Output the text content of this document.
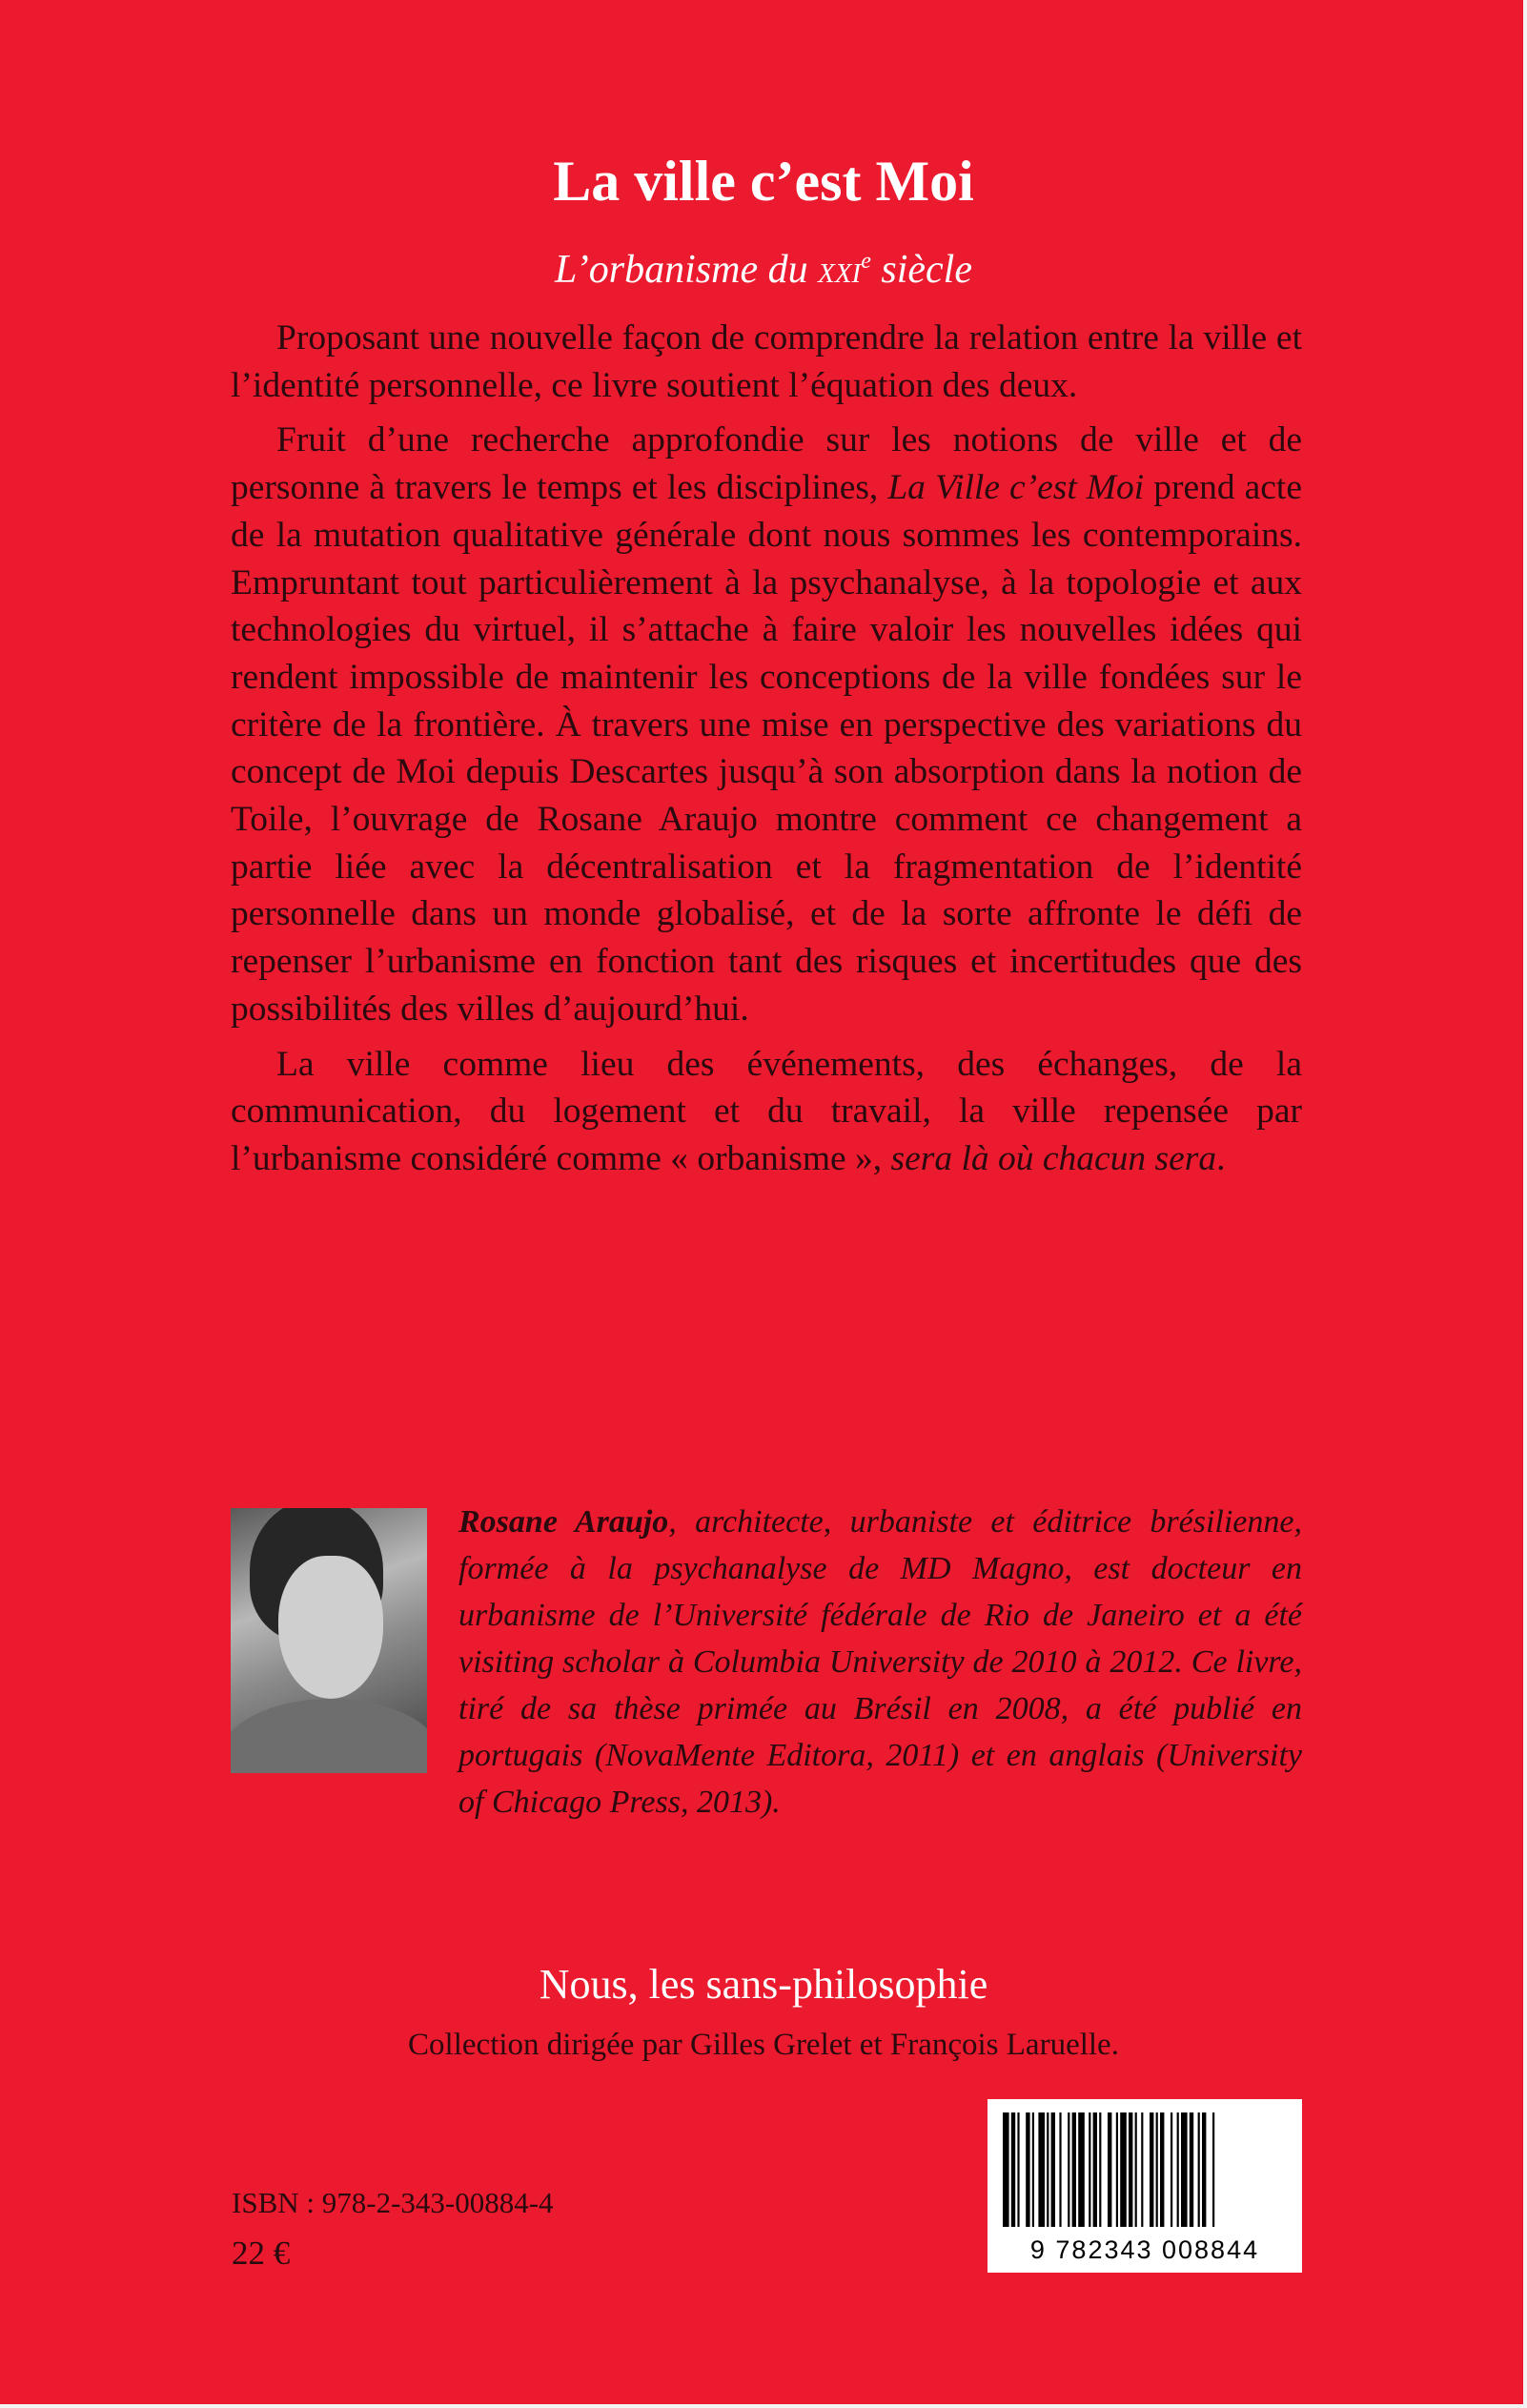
La ville c’est Moi
L’orbanisme du xxi$^e$ siècle

Proposant une nouvelle façon de comprendre la relation entre la ville et l’identité personnelle, ce livre soutient l’équation des deux.

Fruit d’une recherche approfondie sur les notions de ville et de personne à travers le temps et les disciplines, La Ville c’est Moi prend acte de la mutation qualitative générale dont nous sommes les contemporains. Empruntant tout particulièrement à la psychanalyse, à la topologie et aux technologies du virtuel, il s’attache à faire valoir les nouvelles idées qui rendent impossible de maintenir les conceptions de la ville fondées sur le critère de la frontière. À travers une mise en perspective des variations du concept de Moi depuis Descartes jusqu’à son absorption dans la notion de Toile, l’ouvrage de Rosane Araujo montre comment ce changement a partie liée avec la décentralisation et la fragmentation de l’identité personnelle dans un monde globalisé, et de la sorte affronte le défi de repenser l’urbanisme en fonction tant des risques et incertitudes que des possibilités des villes d’aujourd’hui.

La ville comme lieu des événements, des échanges, de la communication, du logement et du travail, la ville repensée par l’urbanisme considéré comme « orbanisme », sera là où chacun sera.

Rosane Araujo, architecte, urbaniste et éditrice brésilienne, formée à la psychanalyse de MD Magno, est docteur en urbanisme de l’Université fédérale de Rio de Janeiro et a été visiting scholar à Columbia University de 2010 à 2012. Ce livre, tiré de sa thèse primée au Brésil en 2008, a été publié en portugais (NovaMente Editora, 2011) et en anglais (University of Chicago Press, 2013).
Nous, les sans-philosophie
Collection dirigée par Gilles Grelet et François Laruelle.
ISBN : 978-2-343-00884-4
22 €	9 782343 008844
